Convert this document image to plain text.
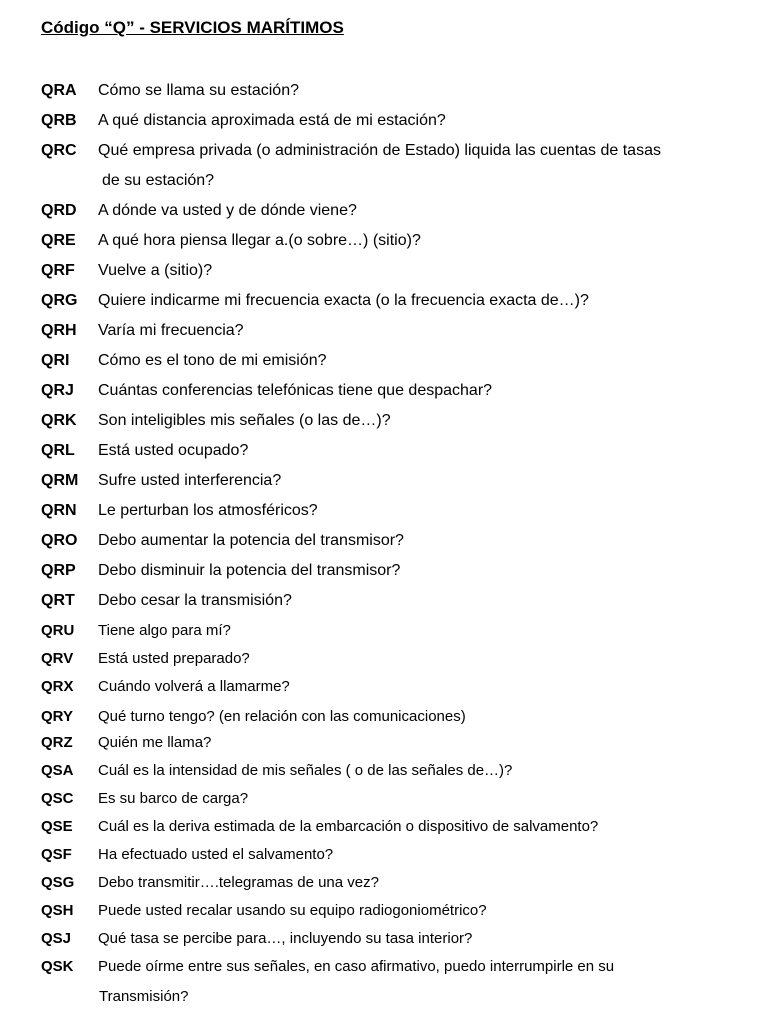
Código “Q” - SERVICIOS MARÍTIMOS
QRA	Cómo se llama su estación?
QRB	A qué distancia aproximada está de mi estación?
QRC	Qué empresa privada (o administración de Estado) liquida las cuentas de tasas
de su estación?
QRD	A dónde va usted y de dónde viene?
QRE	A qué hora piensa llegar a.(o sobre…) (sitio)?
QRF	Vuelve a (sitio)?
QRG	Quiere indicarme mi frecuencia exacta (o la frecuencia exacta de…)?
QRH	Varía mi frecuencia?
QRI	Cómo es el tono de mi emisión?
QRJ	Cuántas conferencias telefónicas tiene que despachar?
QRK	Son inteligibles mis señales (o las de…)?
QRL	Está usted ocupado?
QRM	Sufre usted interferencia?
QRN	Le perturban los atmosféricos?
QRO	Debo aumentar la potencia del transmisor?
QRP	Debo disminuir la potencia del transmisor?
QRT	Debo cesar la transmisión?
QRU	Tiene algo para mí?
QRV	Está usted preparado?
QRX	Cuándo volverá a llamarme?
QRY	Qué turno tengo? (en relación con las comunicaciones)
QRZ	Quién me llama?
QSA	Cuál es la intensidad de mis señales ( o de las señales de…)?
QSC	Es su barco de carga?
QSE	Cuál es la deriva estimada de la embarcación o dispositivo de salvamento?
QSF	Ha efectuado usted el salvamento?
QSG	Debo transmitir….telegramas de una vez?
QSH	Puede usted recalar usando su equipo radiogoniométrico?
QSJ	Qué tasa se percibe para…, incluyendo su tasa interior?
QSK	Puede oírme entre sus señales, en caso afirmativo, puedo interrumpirle en su
Transmisión?
